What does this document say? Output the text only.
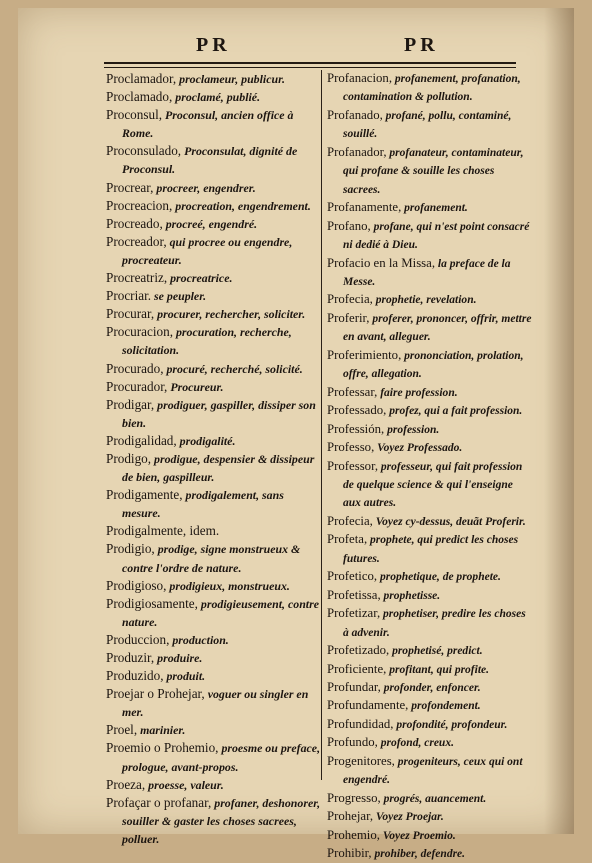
PR	PR
Proclamador, proclameur, publicur.
Proclamado, proclamé, publié.
Proconsul, Proconsul, ancien office à Rome.
Proconsulado, Proconsulat, dignité de Proconsul.
Procrear, procreer, engendrer.
Procreacion, procreation, engendrement.
Procreado, procreé, engendré.
Procreador, qui procree ou engendre, procreateur.
Procreatriz, procreatrice.
Procriar. se peupler.
Procurar, procurer, rechercher, soliciter.
Procuracion, procuration, recherche, solicitation.
Procurado, procuré, recherché, solicité.
Procurador, Procureur.
Prodigar, prodiguer, gaspiller, dissiper son bien.
Prodigalidad, prodigalité.
Prodigo, prodigue, despensier & dissipeur de bien, gaspilleur.
Prodigamente, prodigalement, sans mesure.
Prodigalmente, idem.
Prodigio, prodige, signe monstrueux & contre l'ordre de nature.
Prodigioso, prodigieux, monstrueux.
Prodigiosamente, prodigieusement, contre nature.
Produccion, production.
Produzir, produire.
Produzido, produit.
Proejar o Prohejar, voguer ou singler en mer.
Proel, marinier.
Proemio o Prohemio, proesme ou preface, prologue, avant-propos.
Proeza, proesse, valeur.
Profaçar o profanar, profaner, deshonorer, souiller & gaster les choses sacrees, polluer.
Profanacion, profanement, profanation, contamination & pollution.
Profanado, profané, pollu, contaminé, souillé.
Profanador, profanateur, contaminateur, qui profane & souille les choses sacrees.
Profanamente, profanement.
Profano, profane, qui n'est point consacré ni dedié à Dieu.
Profacio en la Missa, la preface de la Messe.
Profecia, prophetie, revelation.
Proferir, proferer, prononcer, offrir, mettre en avant, alleguer.
Proferimiento, prononciation, prolation, offre, allegation.
Professar, faire profession.
Professado, profez, qui a fait profession.
Professión, profession.
Professo, Voyez Professado.
Professor, professeur, qui fait profession de quelque science & qui l'enseigne aux autres.
Profecia, Voyez cy-dessus, deuãt Proferir.
Profeta, prophete, qui predict les choses futures.
Profetico, prophetique, de prophete.
Profetissa, prophetisse.
Profetizar, prophetiser, predire les choses à advenir.
Profetizado, prophetisé, predict.
Proficiente, profitant, qui profite.
Profundar, profonder, enfoncer.
Profundamente, profondement.
Profundidad, profondité, profondeur.
Profundo, profond, creux.
Progenitores, progeniteurs, ceux qui ont engendré.
Progresso, progrés, auancement.
Prohejar, Voyez Proejar.
Prohemio, Voyez Proemio.
Prohibir, prohiber, defendre.
